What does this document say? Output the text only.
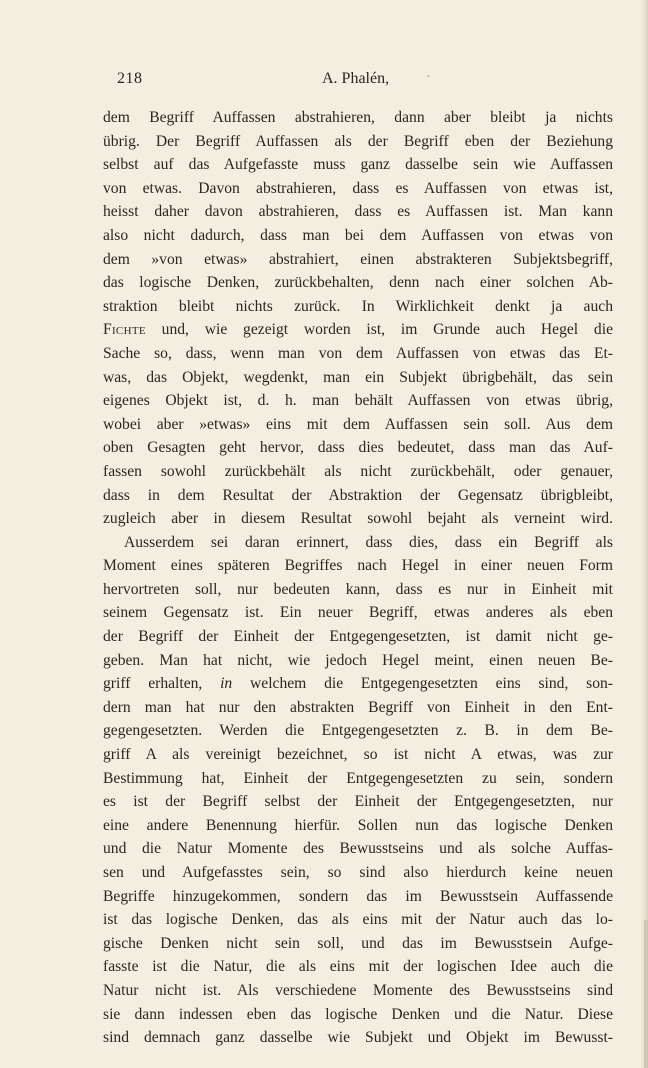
218	A. Phalén,	·
dem Begriff Auffassen abstrahieren, dann aber bleibt ja nichts
übrig. Der Begriff Auffassen als der Begriff eben der Beziehung
selbst auf das Aufgefasste muss ganz dasselbe sein wie Auffassen
von etwas. Davon abstrahieren, dass es Auffassen von etwas ist,
heisst daher davon abstrahieren, dass es Auffassen ist. Man kann
also nicht dadurch, dass man bei dem Auffassen von etwas von
dem »von etwas» abstrahiert, einen abstrakteren Subjektsbegriff,
das logische Denken, zurückbehalten, denn nach einer solchen Ab-
straktion bleibt nichts zurück. In Wirklichkeit denkt ja auch
Fichte und, wie gezeigt worden ist, im Grunde auch Hegel die
Sache so, dass, wenn man von dem Auffassen von etwas das Et-
was, das Objekt, wegdenkt, man ein Subjekt übrigbehält, das sein
eigenes Objekt ist, d. h. man behält Auffassen von etwas übrig,
wobei aber »etwas» eins mit dem Auffassen sein soll. Aus dem
oben Gesagten geht hervor, dass dies bedeutet, dass man das Auf-
fassen sowohl zurückbehält als nicht zurückbehält, oder genauer,
dass in dem Resultat der Abstraktion der Gegensatz übrigbleibt,
zugleich aber in diesem Resultat sowohl bejaht als verneint wird.
Ausserdem sei daran erinnert, dass dies, dass ein Begriff als
Moment eines späteren Begriffes nach Hegel in einer neuen Form
hervortreten soll, nur bedeuten kann, dass es nur in Einheit mit
seinem Gegensatz ist. Ein neuer Begriff, etwas anderes als eben
der Begriff der Einheit der Entgegengesetzten, ist damit nicht ge-
geben. Man hat nicht, wie jedoch Hegel meint, einen neuen Be-
griff erhalten, in welchem die Entgegengesetzten eins sind, son-
dern man hat nur den abstrakten Begriff von Einheit in den Ent-
gegengesetzten. Werden die Entgegengesetzten z. B. in dem Be-
griff A als vereinigt bezeichnet, so ist nicht A etwas, was zur
Bestimmung hat, Einheit der Entgegengesetzten zu sein, sondern
es ist der Begriff selbst der Einheit der Entgegengesetzten, nur
eine andere Benennung hierfür. Sollen nun das logische Denken
und die Natur Momente des Bewusstseins und als solche Auffas-
sen und Aufgefasstes sein, so sind also hierdurch keine neuen
Begriffe hinzugekommen, sondern das im Bewusstsein Auffassende
ist das logische Denken, das als eins mit der Natur auch das lo-
gische Denken nicht sein soll, und das im Bewusstsein Aufge-
fasste ist die Natur, die als eins mit der logischen Idee auch die
Natur nicht ist. Als verschiedene Momente des Bewusstseins sind
sie dann indessen eben das logische Denken und die Natur. Diese
sind demnach ganz dasselbe wie Subjekt und Objekt im Bewusst-
